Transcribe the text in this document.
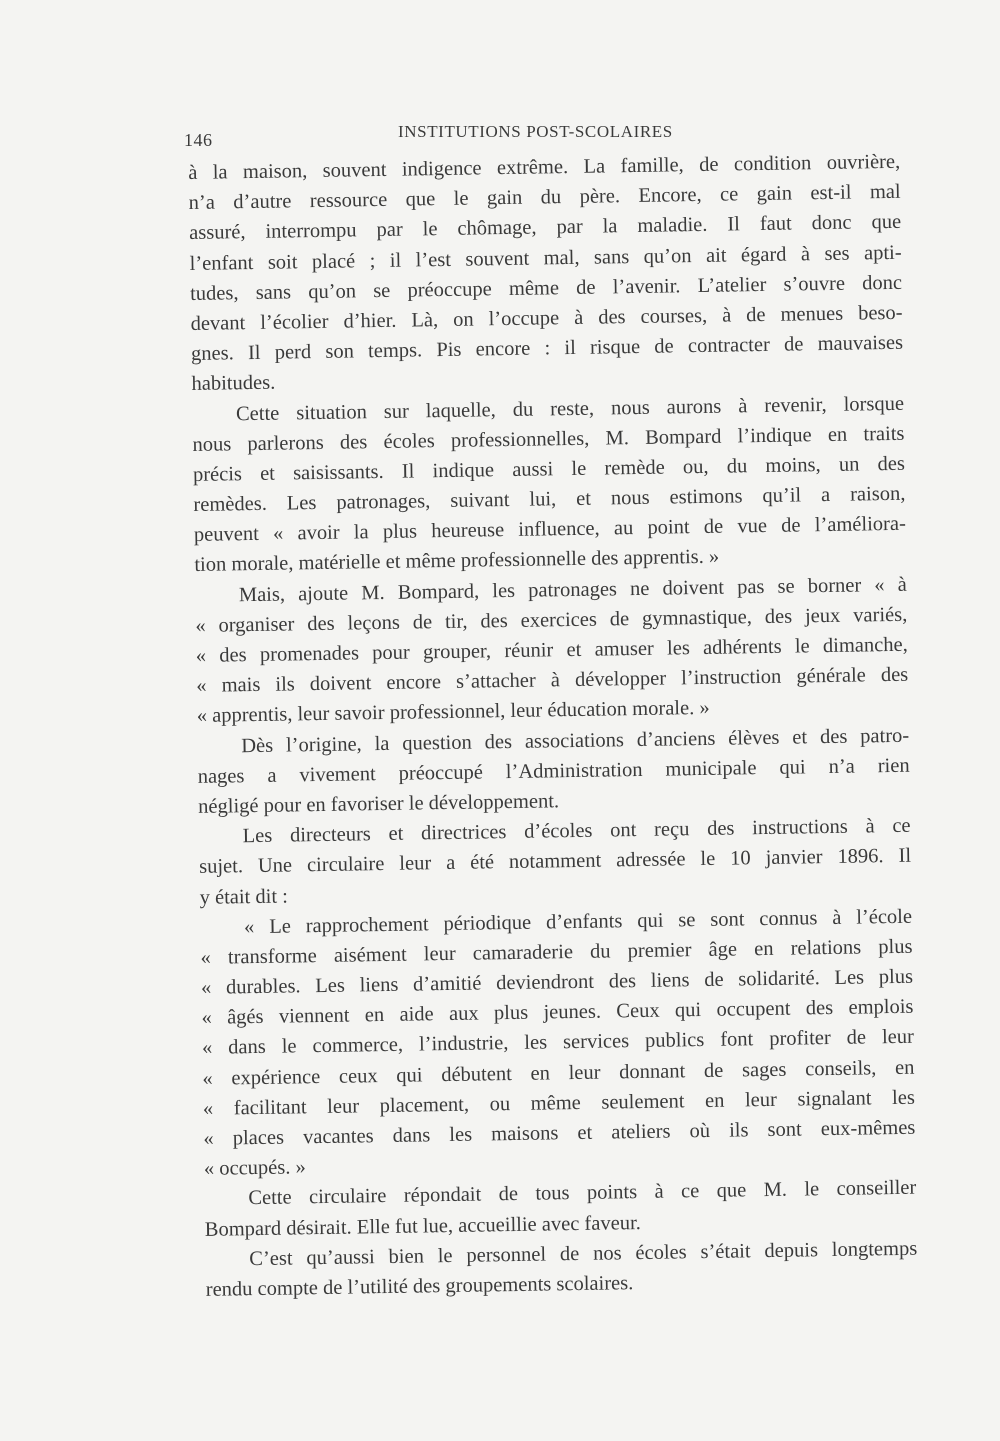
146	INSTITUTIONS POST-SCOLAIRES
à la maison, souvent indigence extrême. La famille, de condition ouvrière,
n’a d’autre ressource que le gain du père. Encore, ce gain est-il mal
assuré, interrompu par le chômage, par la maladie. Il faut donc que
l’enfant soit placé ; il l’est souvent mal, sans qu’on ait égard à ses apti-
tudes, sans qu’on se préoccupe même de l’avenir. L’atelier s’ouvre donc
devant l’écolier d’hier. Là, on l’occupe à des courses, à de menues beso-
gnes. Il perd son temps. Pis encore : il risque de contracter de mauvaises
habitudes.
Cette situation sur laquelle, du reste, nous aurons à revenir, lorsque
nous parlerons des écoles professionnelles, M. Bompard l’indique en traits
précis et saisissants. Il indique aussi le remède ou, du moins, un des
remèdes. Les patronages, suivant lui, et nous estimons qu’il a raison,
peuvent « avoir la plus heureuse influence, au point de vue de l’améliora-
tion morale, matérielle et même professionnelle des apprentis. »
Mais, ajoute M. Bompard, les patronages ne doivent pas se borner « à
« organiser des leçons de tir, des exercices de gymnastique, des jeux variés,
« des promenades pour grouper, réunir et amuser les adhérents le dimanche,
« mais ils doivent encore s’attacher à développer l’instruction générale des
« apprentis, leur savoir professionnel, leur éducation morale. »
Dès l’origine, la question des associations d’anciens élèves et des patro-
nages a vivement préoccupé l’Administration municipale qui n’a rien
négligé pour en favoriser le développement.
Les directeurs et directrices d’écoles ont reçu des instructions à ce
sujet. Une circulaire leur a été notamment adressée le 10 janvier 1896. Il
y était dit :
« Le rapprochement périodique d’enfants qui se sont connus à l’école
« transforme aisément leur camaraderie du premier âge en relations plus
« durables. Les liens d’amitié deviendront des liens de solidarité. Les plus
« âgés viennent en aide aux plus jeunes. Ceux qui occupent des emplois
« dans le commerce, l’industrie, les services publics font profiter de leur
« expérience ceux qui débutent en leur donnant de sages conseils, en
« facilitant leur placement, ou même seulement en leur signalant les
« places vacantes dans les maisons et ateliers où ils sont eux-mêmes
« occupés. »
Cette circulaire répondait de tous points à ce que M. le conseiller
Bompard désirait. Elle fut lue, accueillie avec faveur.
C’est qu’aussi bien le personnel de nos écoles s’était depuis longtemps
rendu compte de l’utilité des groupements scolaires.
